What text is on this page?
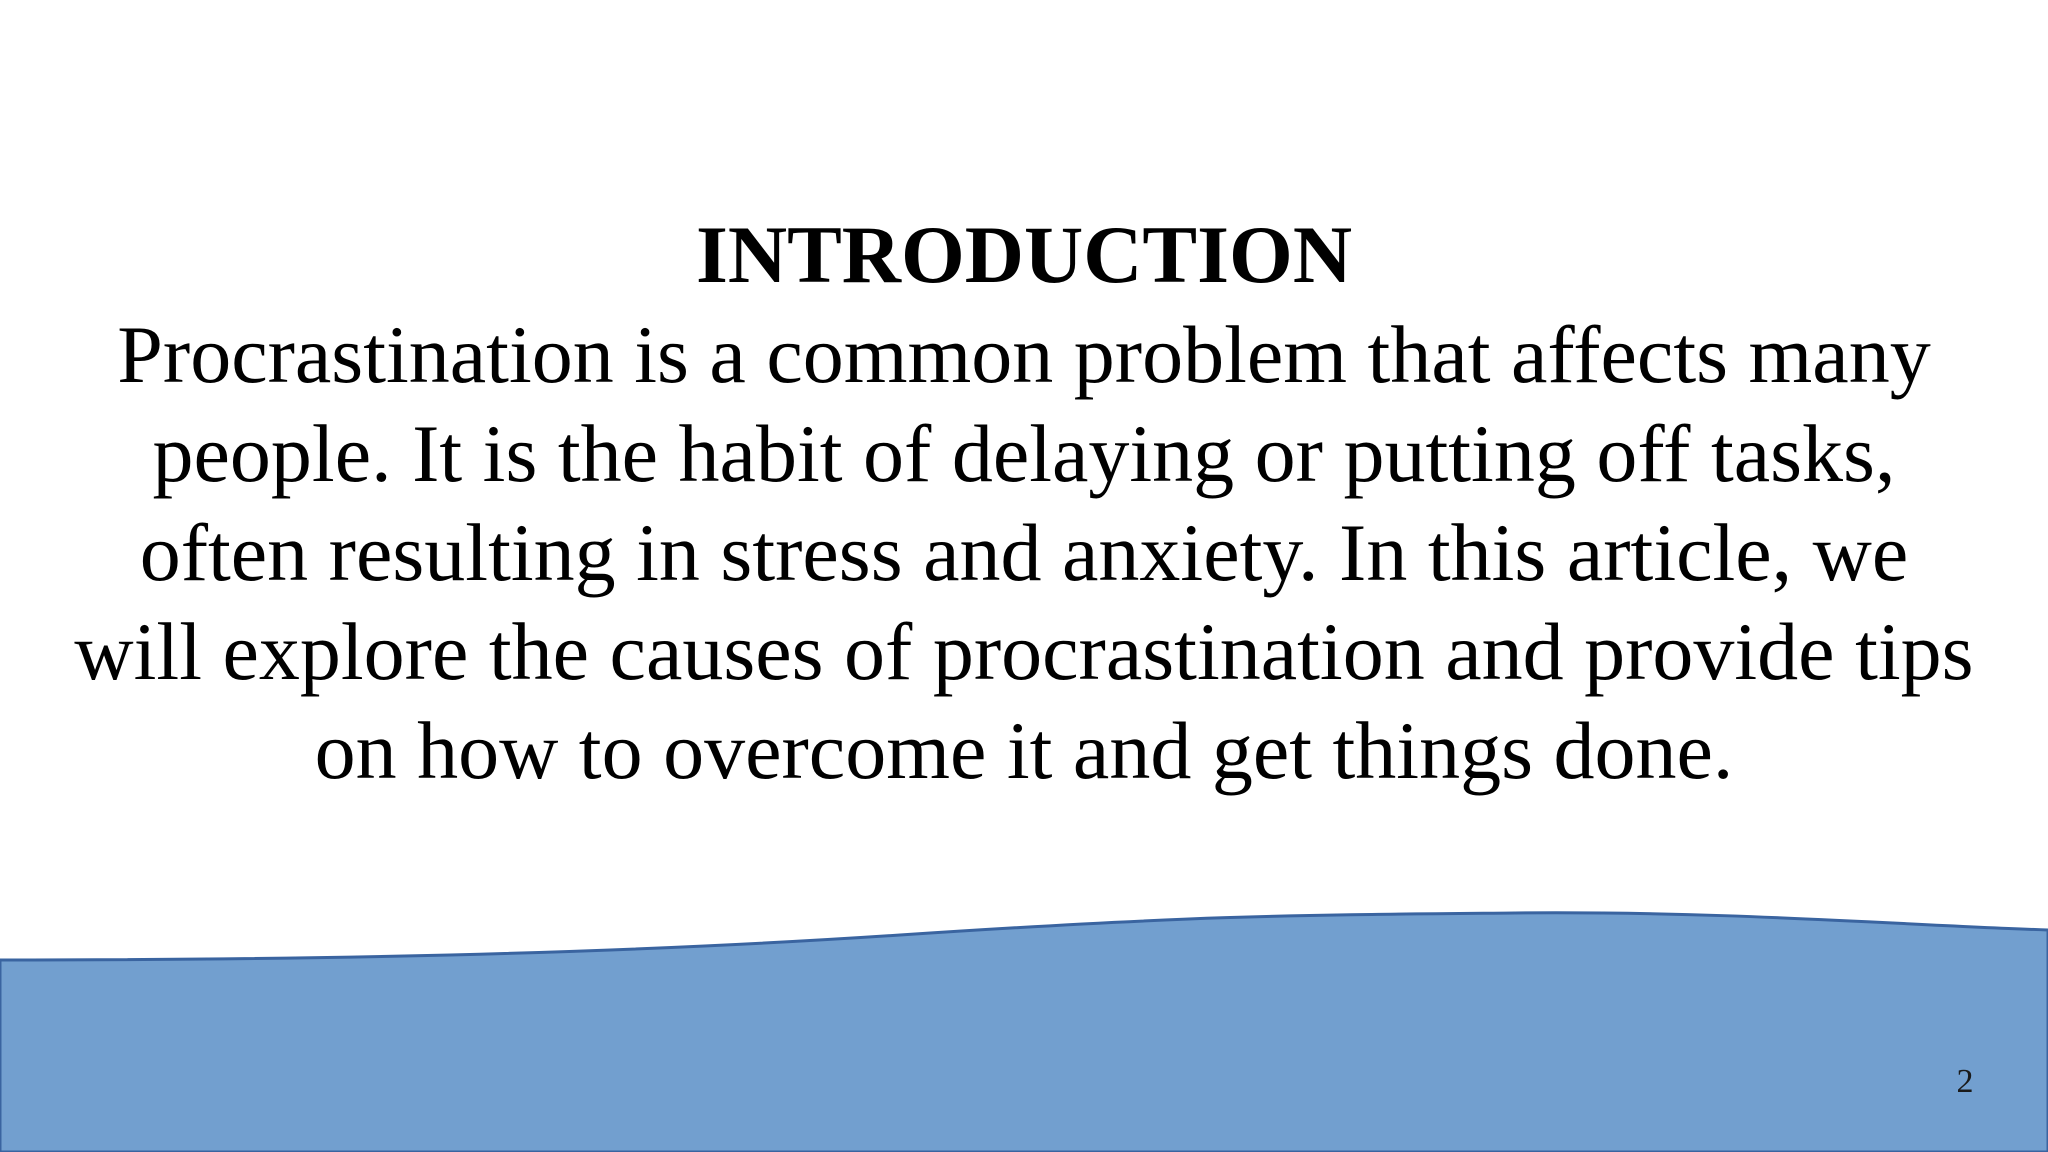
INTRODUCTION

Procrastination is a common problem that affects many people. It is the habit of delaying or putting off tasks, often resulting in stress and anxiety. In this article, we will explore the causes of procrastination and provide tips on how to overcome it and get things done.

2
